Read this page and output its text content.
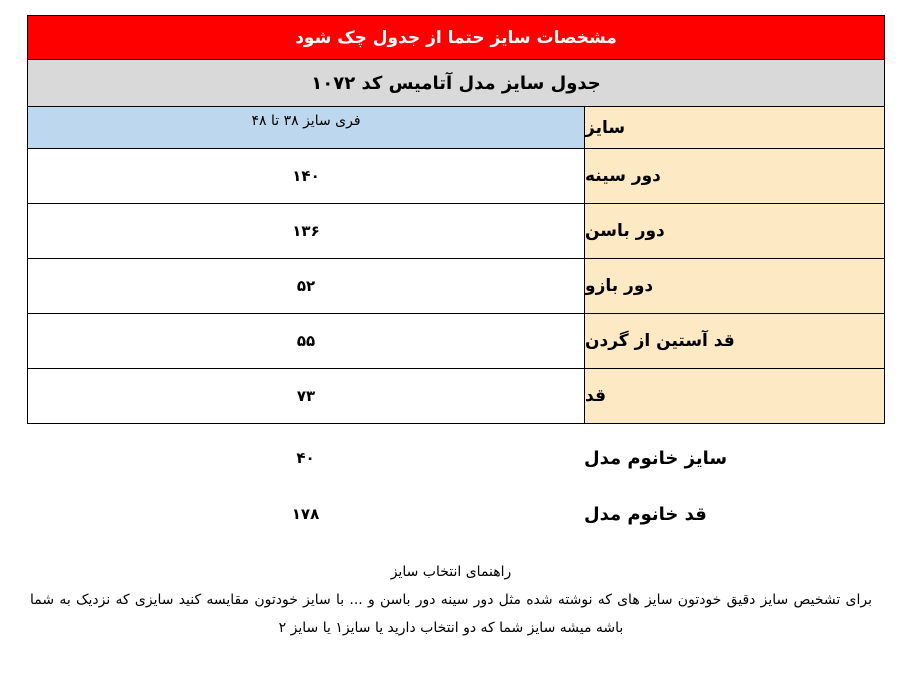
مشخصات سایز حتما از جدول چک شود
جدول سایز مدل آتامیس کد ۱۰۷۲
فری سایز ۳۸ تا ۴۸	سایز
۱۴۰	دور سینه
۱۳۶	دور باسن
۵۲	دور بازو
۵۵	قد آستین از گردن
۷۳	قد
۴۰	سایز خانوم مدل
۱۷۸	قد خانوم مدل
راهنمای انتخاب سایز
برای تشخیص سایز دقیق خودتون سایز های که نوشته شده مثل دور سینه دور باسن و ... با سایز خودتون مقایسه کنید سایزی که نزدیک به شما باشه میشه سایز شما که دو انتخاب دارید یا سایز۱ یا سایز ۲
